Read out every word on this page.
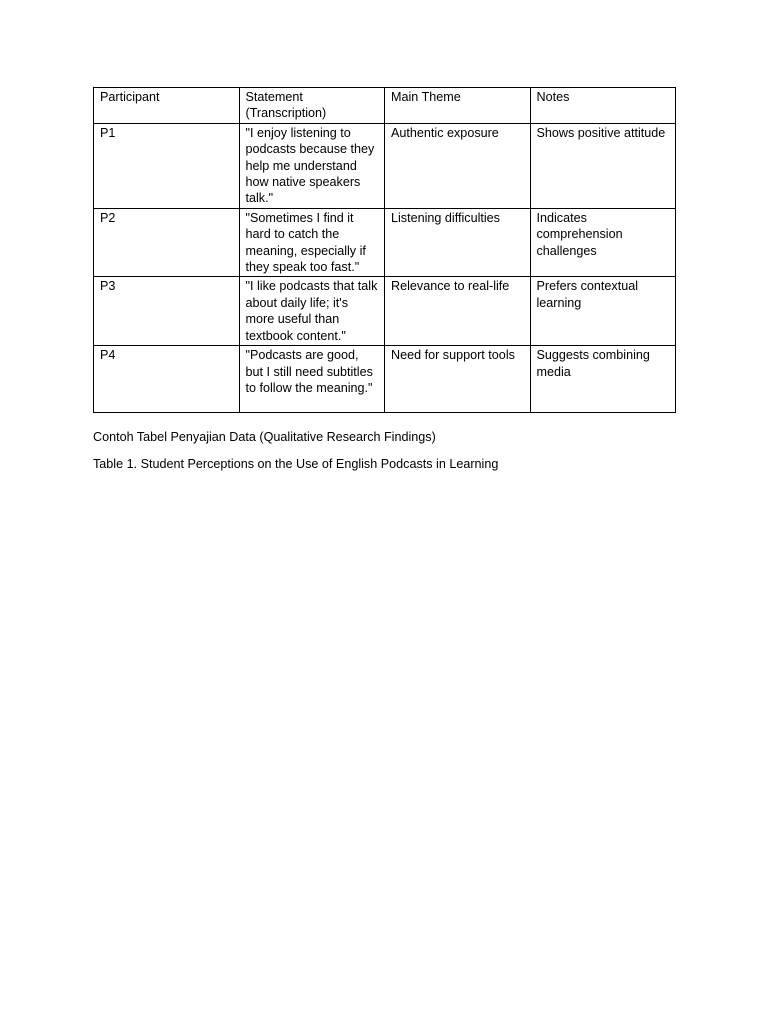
Participant	Statement (Transcription)	Main Theme	Notes
P1	"I enjoy listening to podcasts because they help me understand how native speakers talk."	Authentic exposure	Shows positive attitude
P2	"Sometimes I find it hard to catch the meaning, especially if they speak too fast."	Listening difficulties	Indicates comprehension challenges
P3	"I like podcasts that talk about daily life; it's more useful than textbook content."	Relevance to real-life	Prefers contextual learning
P4	"Podcasts are good, but I still need subtitles to follow the meaning."	Need for support tools	Suggests combining media
Contoh Tabel Penyajian Data (Qualitative Research Findings)
Table 1. Student Perceptions on the Use of English Podcasts in Learning
